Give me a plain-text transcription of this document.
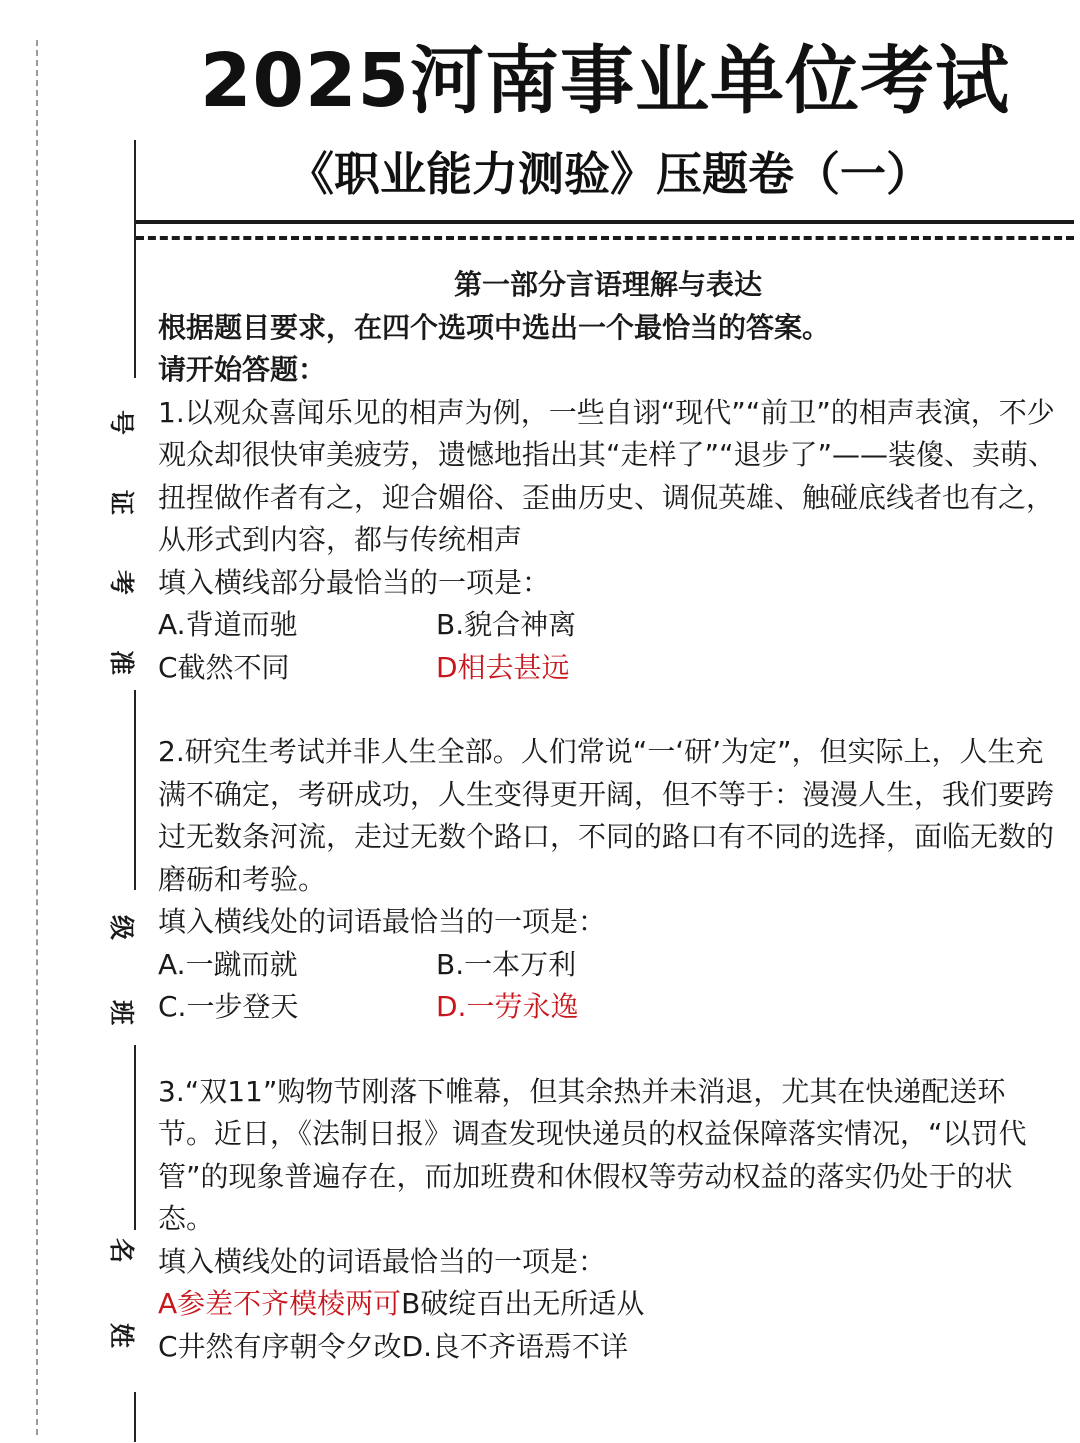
号
证
考
准
级
班
名
姓
2025河南事业单位考试
《职业能力测验》压题卷（一）
第一部分言语理解与表达
根据题目要求，在四个选项中选出一个最恰当的答案。
请开始答题：
1.以观众喜闻乐见的相声为例，一些自诩“现代”“前卫”的相声表演，不少观众却很快审美疲劳，遗憾地指出其“走样了”“退步了”——装傻、卖萌、扭捏做作者有之，迎合媚俗、歪曲历史、调侃英雄、触碰底线者也有之，从形式到内容，都与传统相声
填入横线部分最恰当的一项是：
A.背道而驰	B.貌合神离
C截然不同	D相去甚远
2.研究生考试并非人生全部。人们常说“一‘研’为定”，但实际上，人生充满不确定，考研成功，人生变得更开阔，但不等于：漫漫人生，我们要跨过无数条河流，走过无数个路口，不同的路口有不同的选择，面临无数的磨砺和考验。
填入横线处的词语最恰当的一项是：
A.一蹴而就	B.一本万利
C.一步登天	D.一劳永逸
3.“双11”购物节刚落下帷幕，但其余热并未消退，尤其在快递配送环节。近日，《法制日报》调查发现快递员的权益保障落实情况，“以罚代管”的现象普遍存在，而加班费和休假权等劳动权益的落实仍处于的状态。
填入横线处的词语最恰当的一项是：
A参差不齐模棱两可 B破绽百出无所适从
C井然有序朝令夕改 D.良不齐语焉不详
